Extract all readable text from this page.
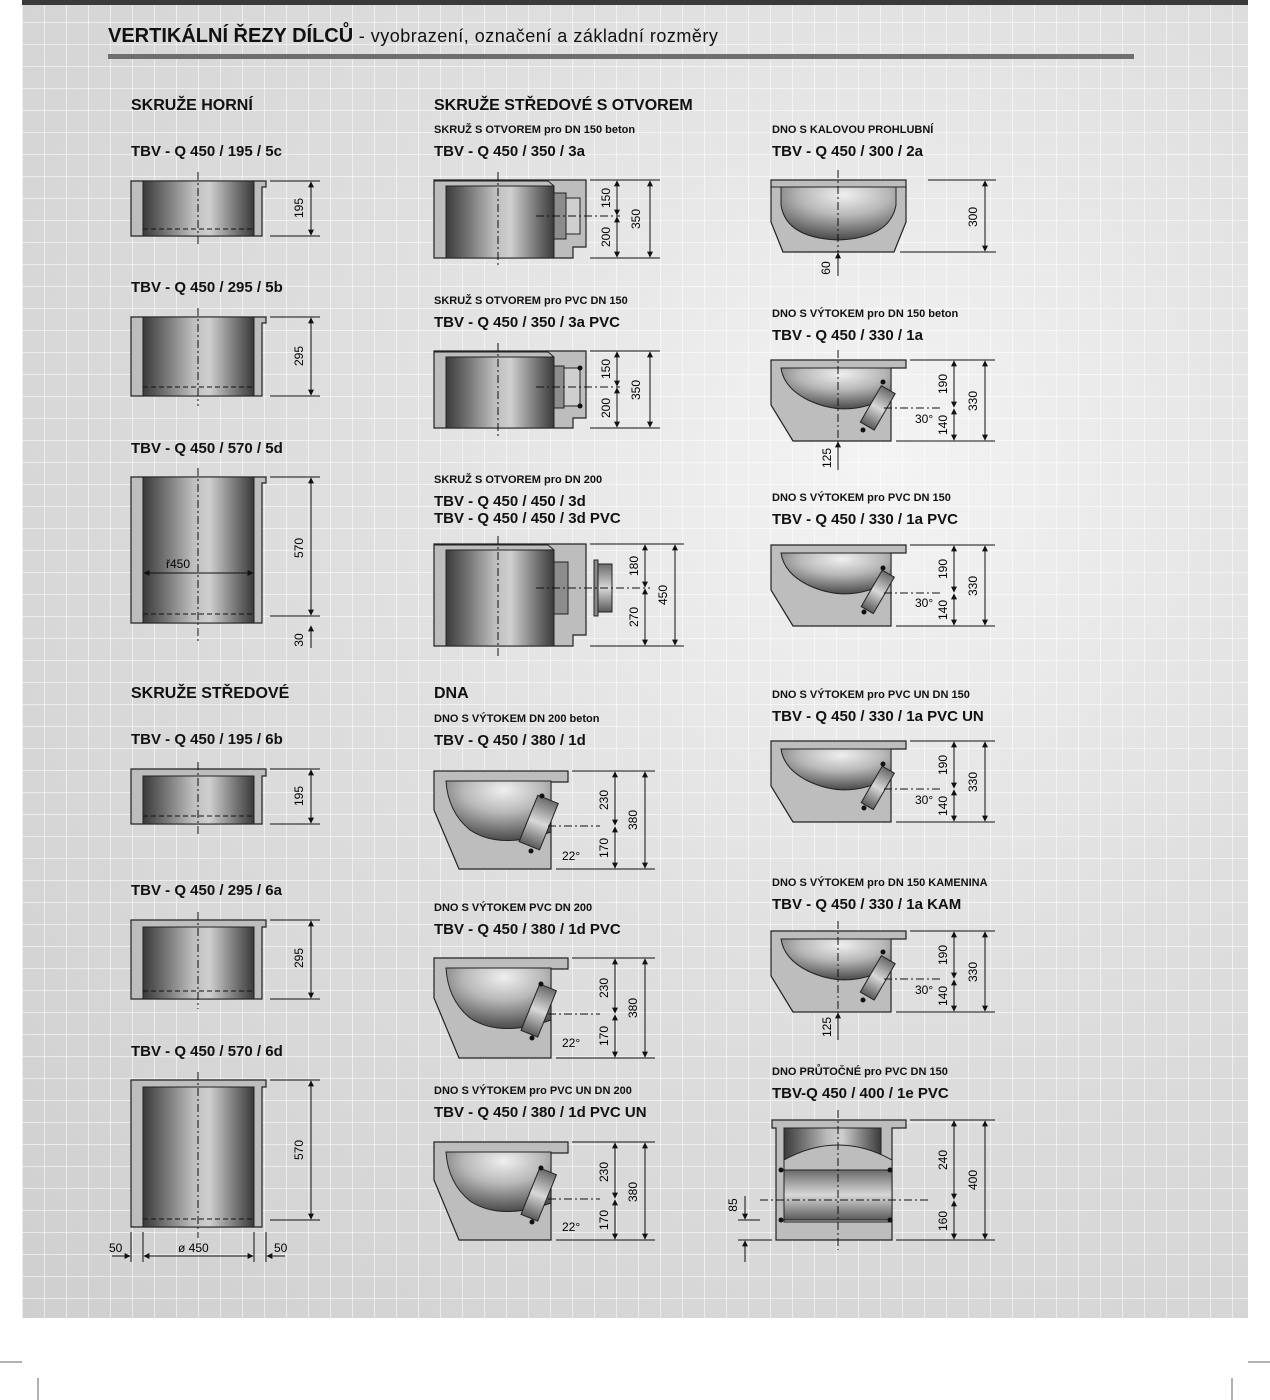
VERTIKÁLNÍ ŘEZY DÍLCŮ - vyobrazení, označení a základní rozměry
SKRUŽE HORNÍ	SKRUŽE STŘEDOVÉ S OTVOREM
SKRUŽE STŘEDOVÉ	DNA
TBV - Q 450 / 195 / 5c
TBV - Q 450 / 295 / 5b
TBV - Q 450 / 570 / 5d
TBV - Q 450 / 195 / 6b
TBV - Q 450 / 295 / 6a
TBV - Q 450 / 570 / 6d
SKRUŽ S OTVOREM pro DN 150 beton
TBV - Q 450 / 350 / 3a
SKRUŽ S OTVOREM pro PVC DN 150
TBV - Q 450 / 350 / 3a PVC
SKRUŽ S OTVOREM pro DN 200
TBV - Q 450 / 450 / 3d
TBV - Q 450 / 450 / 3d PVC
DNO S VÝTOKEM DN 200 beton
TBV - Q 450 / 380 / 1d
DNO S VÝTOKEM PVC DN 200
TBV - Q 450 / 380 / 1d PVC
DNO S VÝTOKEM pro PVC UN DN 200
TBV - Q 450 / 380 / 1d PVC UN
DNO S KALOVOU PROHLUBNÍ
TBV - Q 450 / 300 / 2a
DNO S VÝTOKEM pro DN 150 beton
TBV - Q 450 / 330 / 1a
DNO S VÝTOKEM pro PVC DN 150
TBV - Q 450 / 330 / 1a PVC
DNO S VÝTOKEM pro PVC UN DN 150
TBV - Q 450 / 330 / 1a PVC UN
DNO S VÝTOKEM pro DN 150 KAMENINA
TBV - Q 450 / 330 / 1a KAM
DNO PRŮTOČNÉ pro PVC DN 150
TBV-Q 450 / 400 / 1e PVC
195
295
ř450
570
30
195
295
570
50	ø 450	50
150
200
350
150
200
350
180
270
450
22°
230
170
380
22°
230
170
380
22°
230
170
380
300
60
30°
190
140
330
125
30°
190
140
330
30°
190
140
330
30°
190
140
330
125
240
160
400
85
